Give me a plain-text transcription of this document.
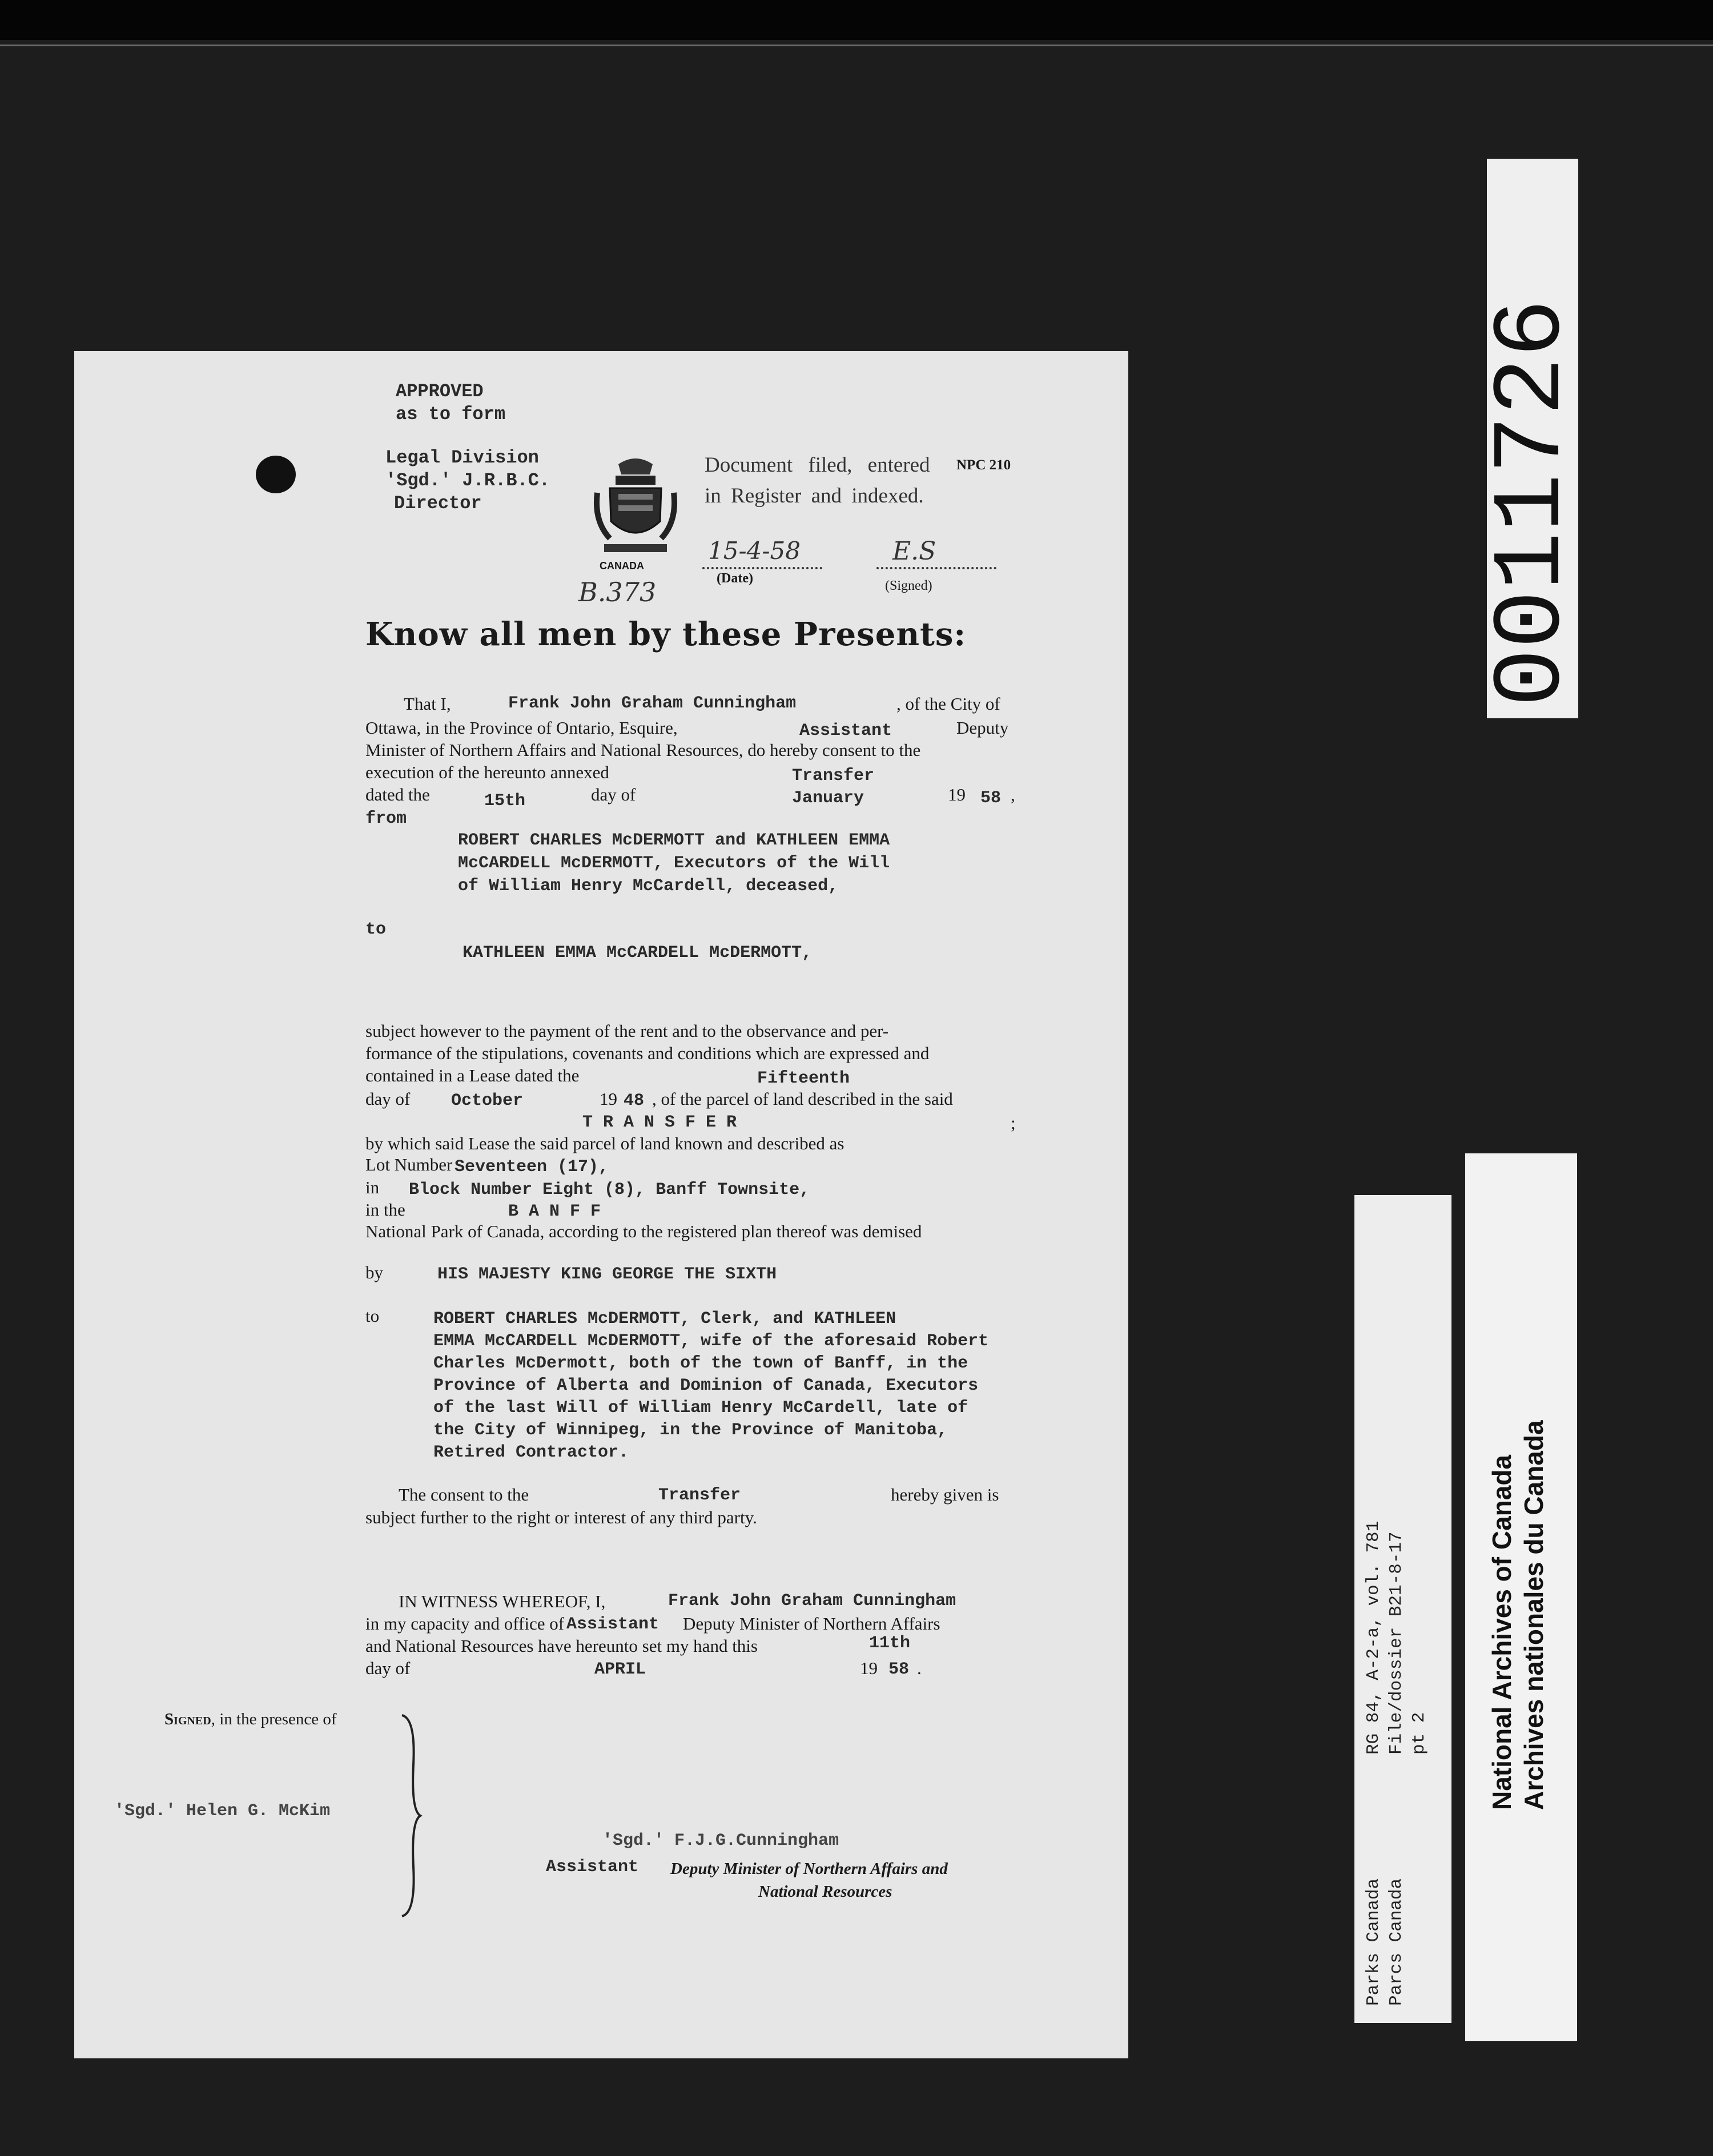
APPROVED
as to form
Legal Division
'Sgd.' J.R.B.C.
Director
CANADA
Document filed, entered
in Register and indexed.
NPC 210
15-4-58
(Date)
E.S
(Signed)
B.373
Know all men by these Presents:
That I,	Frank John Graham Cunningham	, of the City of
Ottawa, in the Province of Ontario, Esquire,	Assistant	Deputy
Minister of Northern Affairs and National Resources, do hereby consent to the
execution of the hereunto annexed	Transfer
dated the	15th	day of	January	19 58 ,
from
ROBERT CHARLES McDERMOTT and KATHLEEN EMMA
McCARDELL McDERMOTT, Executors of the Will
of William Henry McCardell, deceased,
to
KATHLEEN EMMA McCARDELL McDERMOTT,
subject however to the payment of the rent and to the observance and per-
formance of the stipulations, covenants and conditions which are expressed and
contained in a Lease dated the	Fifteenth
day of October	19 48 , of the parcel of land described in the said
T R A N S F E R	;
by which said Lease the said parcel of land known and described as
Lot Number Seventeen (17),
in Block Number Eight (8), Banff Townsite,
in the	B A N F F
National Park of Canada, according to the registered plan thereof was demised
by	HIS MAJESTY KING GEORGE THE SIXTH
to	ROBERT CHARLES McDERMOTT, Clerk, and KATHLEEN
EMMA McCARDELL McDERMOTT, wife of the aforesaid Robert
Charles McDermott, both of the town of Banff, in the
Province of Alberta and Dominion of Canada, Executors
of the last Will of William Henry McCardell, late of
the City of Winnipeg, in the Province of Manitoba,
Retired Contractor.
The consent to the	Transfer	hereby given is
subject further to the right or interest of any third party.
IN WITNESS WHEREOF, I,	Frank John Graham Cunningham
in my capacity and office of Assistant Deputy Minister of Northern Affairs
and National Resources have hereunto set my hand this	11th
day of	APRIL	19 58 .
Signed, in the presence of
'Sgd.' Helen G. McKim
'Sgd.' F.J.G.Cunningham
Assistant Deputy Minister of Northern Affairs and
National Resources
0011726
Parks Canada Parcs Canada
RG 84, A-2-a, vol. 781 File/dossier B21-8-17 pt 2 National Archives of Canada Archives nationales du Canada
